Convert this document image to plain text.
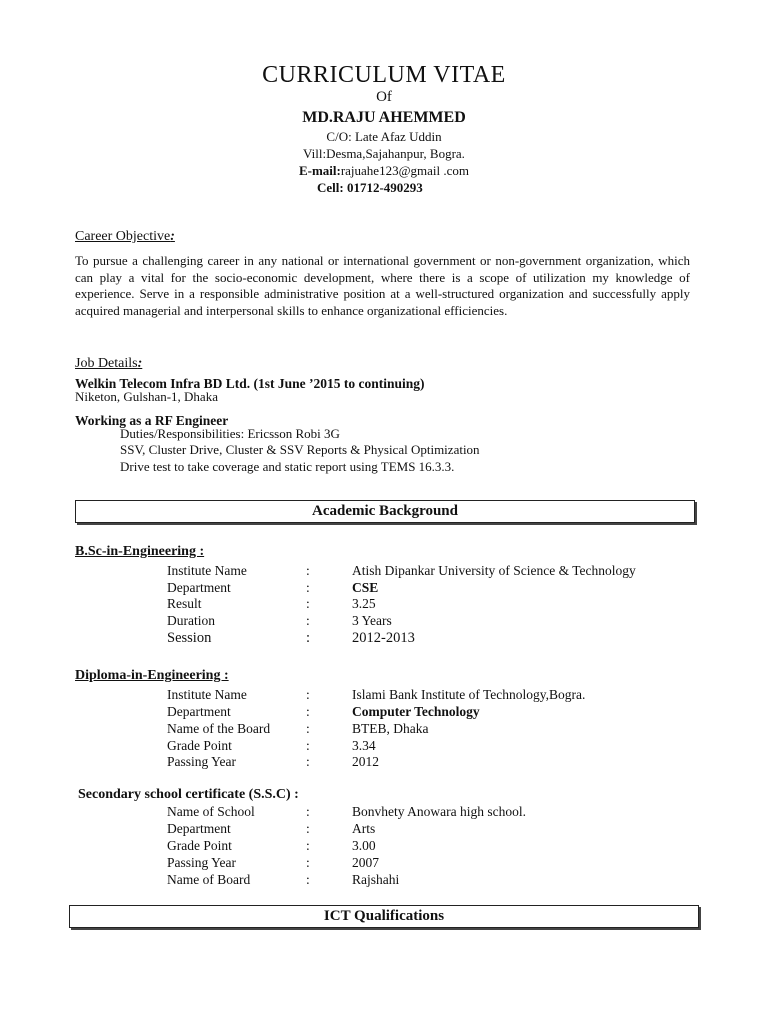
CURRICULUM VITAE
Of
MD.RAJU AHEMMED
C/O: Late Afaz Uddin
Vill:Desma,Sajahanpur, Bogra.
E-mail:rajuahe123@gmail .com
Cell: 01712-490293
Career Objective:
To pursue a challenging career in any national or international government or non-government organization, which can play a vital for the socio-economic development, where there is a scope of utilization my knowledge of experience. Serve in a responsible administrative position at a well-structured organization and successfully apply acquired managerial and interpersonal skills to enhance organizational efficiencies.
Job Details:
Welkin Telecom Infra BD Ltd. (1st June ’2015 to continuing)
Niketon, Gulshan-1, Dhaka
Working as a RF Engineer
Duties/Responsibilities: Ericsson Robi 3G
SSV, Cluster Drive, Cluster & SSV Reports & Physical Optimization
Drive test to take coverage and static report using TEMS 16.3.3.
Academic Background
B.Sc-in-Engineering :
Institute Name	:	Atish Dipankar University of Science & Technology
Department	:	CSE
Result	:	3.25
Duration	:	3 Years
Session	:	2012-2013
Diploma-in-Engineering :
Institute Name	:	Islami Bank Institute of Technology,Bogra.
Department	:	Computer Technology
Name of the Board	:	BTEB, Dhaka
Grade Point	:	3.34
Passing Year	:	2012
Secondary school certificate (S.S.C) :
Name of School	:	Bonvhety Anowara high school.
Department	:	Arts
Grade Point	:	3.00
Passing Year	:	2007
Name of Board	:	Rajshahi
ICT Qualifications
